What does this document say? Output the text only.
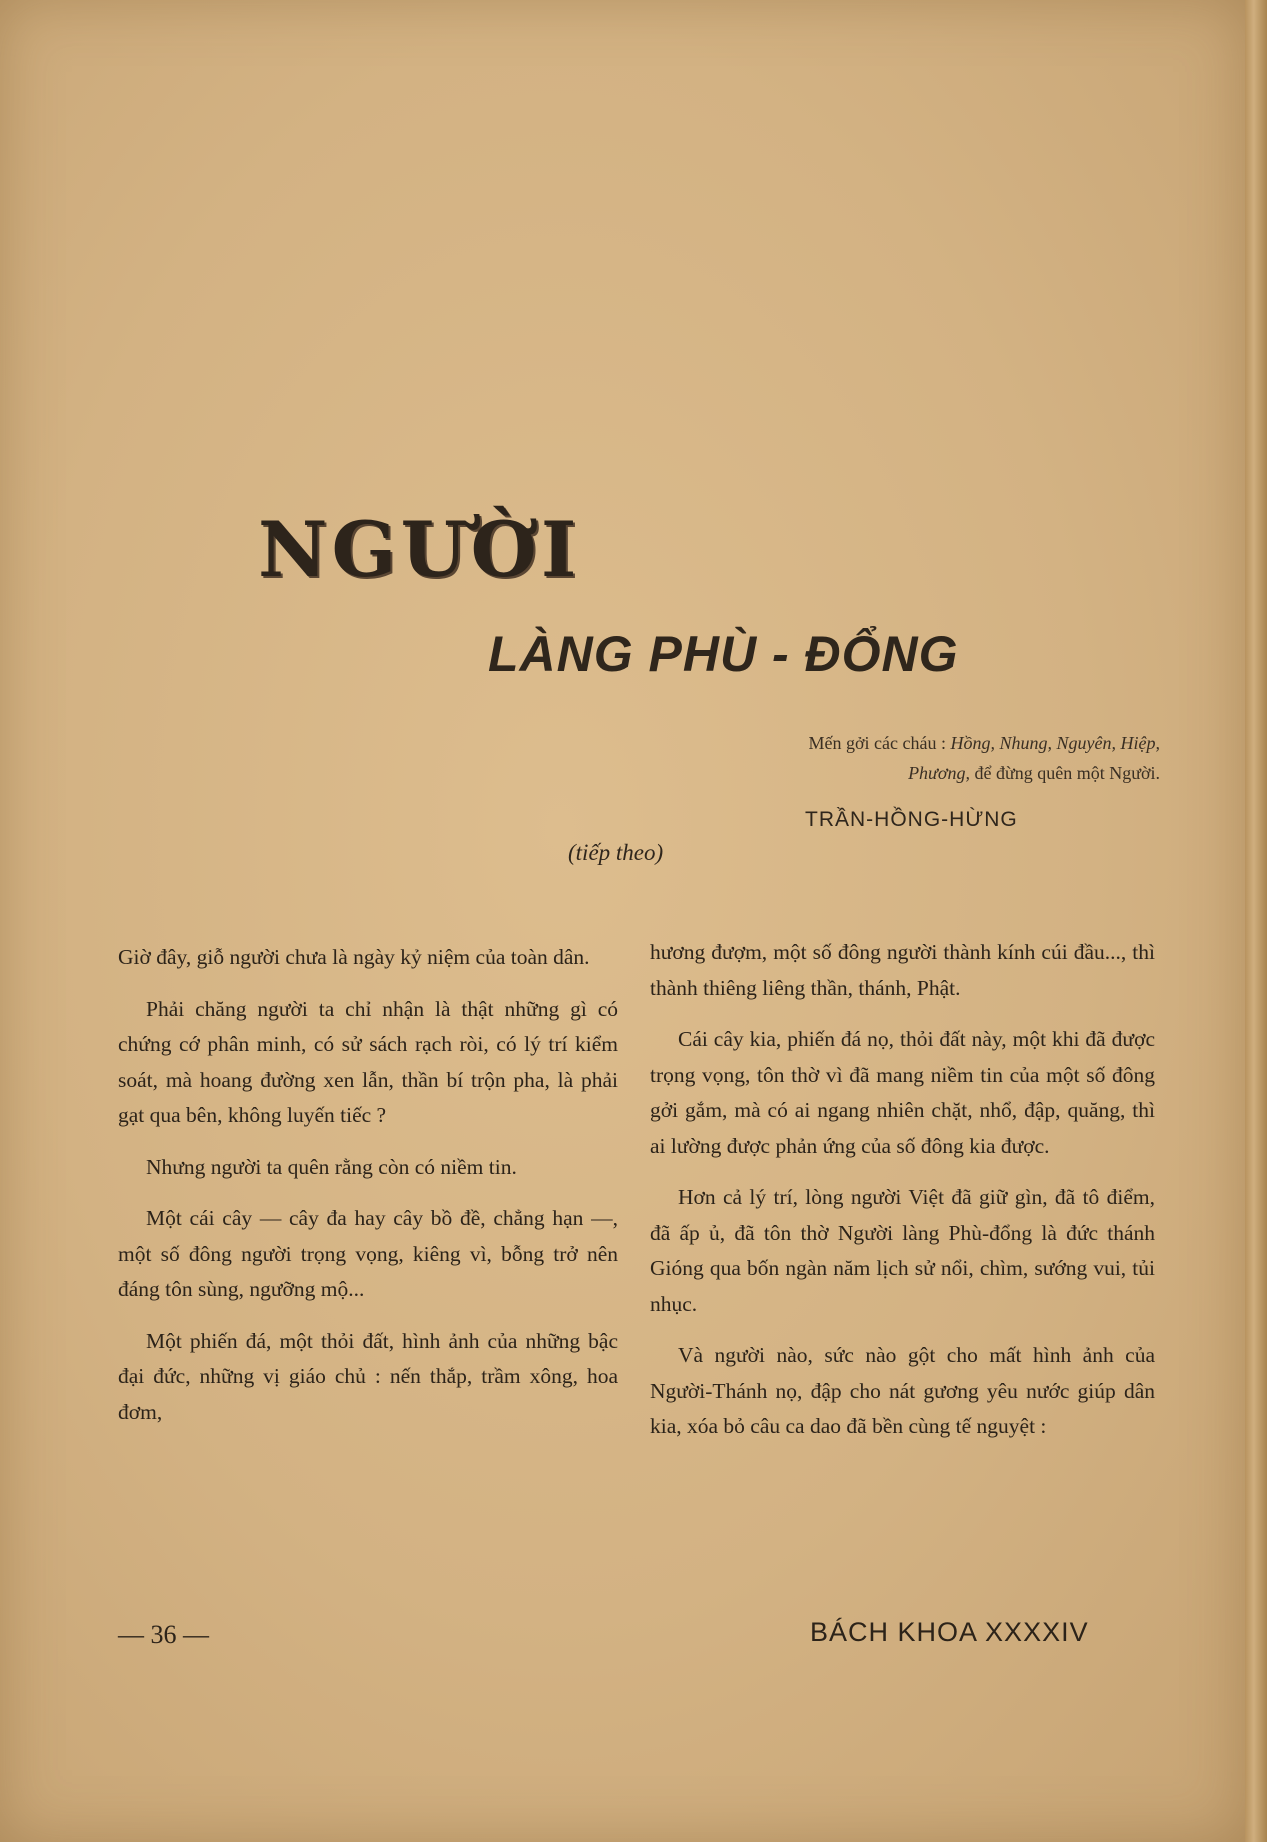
NGƯỜI
LÀNG PHÙ - ĐỔNG
Mến gởi các cháu : Hồng, Nhung, Nguyên, Hiệp,
Phương, để đừng quên một Người.
TRẦN-HỒNG-HỪNG
(tiếp theo)

Giờ đây, giỗ người chưa là ngày kỷ niệm của toàn dân.

Phải chăng người ta chỉ nhận là thật những gì có chứng cớ phân minh, có sử sách rạch ròi, có lý trí kiểm soát, mà hoang đường xen lẫn, thần bí trộn pha, là phải gạt qua bên, không luyến tiếc ?

Nhưng người ta quên rằng còn có niềm tin.

Một cái cây — cây đa hay cây bồ đề, chẳng hạn —, một số đông người trọng vọng, kiêng vì, bỗng trở nên đáng tôn sùng, ngưỡng mộ...

Một phiến đá, một thỏi đất, hình ảnh của những bậc đại đức, những vị giáo chủ : nến thắp, trầm xông, hoa đơm,

hương đượm, một số đông người thành kính cúi đầu..., thì thành thiêng liêng thần, thánh, Phật.

Cái cây kia, phiến đá nọ, thỏi đất này, một khi đã được trọng vọng, tôn thờ vì đã mang niềm tin của một số đông gởi gắm, mà có ai ngang nhiên chặt, nhổ, đập, quăng, thì ai lường được phản ứng của số đông kia được.

Hơn cả lý trí, lòng người Việt đã giữ gìn, đã tô điểm, đã ấp ủ, đã tôn thờ Người làng Phù-đổng là đức thánh Gióng qua bốn ngàn năm lịch sử nổi, chìm, sướng vui, tủi nhục.

Và người nào, sức nào gột cho mất hình ảnh của Người-Thánh nọ, đập cho nát gương yêu nước giúp dân kia, xóa bỏ câu ca dao đã bền cùng tế nguyệt :

— 36 —	BÁCH KHOA XXXXIV
